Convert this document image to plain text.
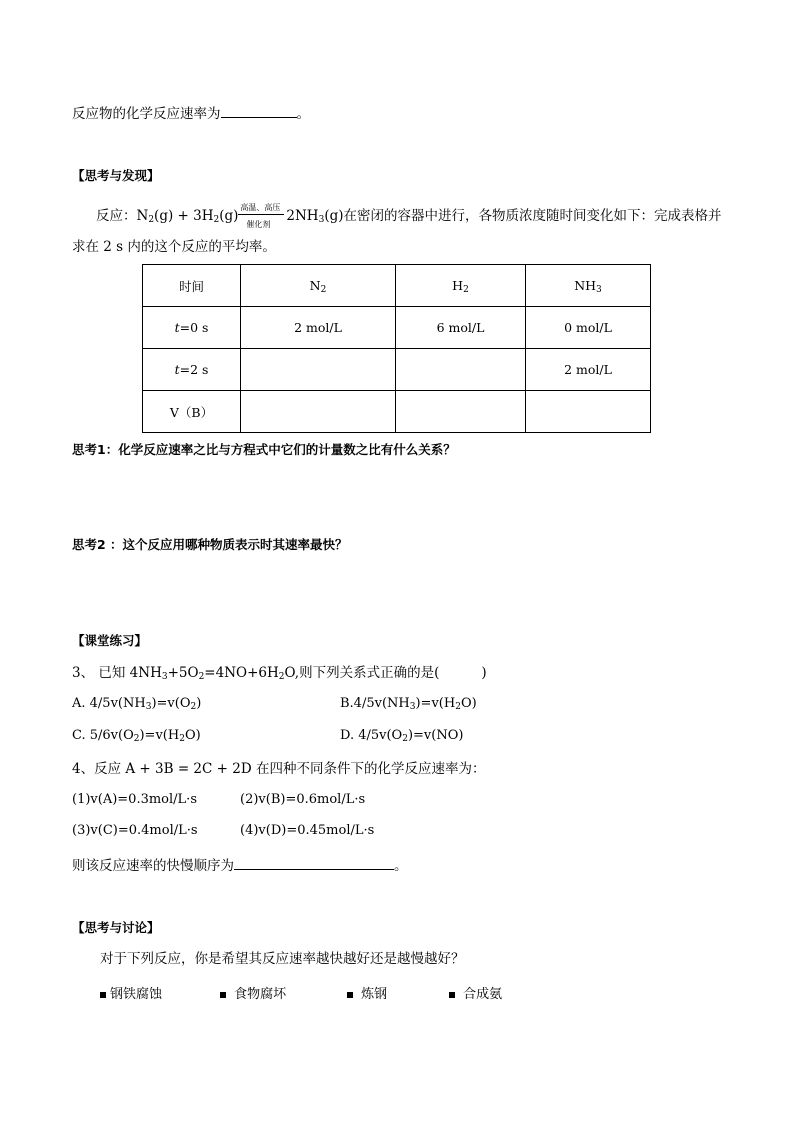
反应物的化学反应速率为	。
【思考与发现】
反应：$N_2(g) + 3H_2(g)$
高温、高压
催化剂 $2NH_3(g)$在密闭的容器中进行，各物质浓度随时间变化如下：完成表格并
求在 2 s 内的这个反应的平均率。
时间	$N_2$	$H_2$	$NH_3$
t=0 s	2 mol/L	6 mol/L	0 mol/L
t=2 s			2 mol/L
V（B）			
思考1：化学反应速率之比与方程式中它们的计量数之比有什么关系？
思考2 ：这个反应用哪种物质表示时其速率最快？
【课堂练习】
3、 已知 $4NH_3+5O_2=4NO+6H_2O$,则下列关系式正确的是(	)
A. $4/5v(NH_3)=v(O_2)$	$B.4/5v(NH_3)=v(H_2O)$
C. $5/6v(O_2)=v(H_2O)$	D. $4/5v(O_2)=v(NO)$
4、反应 A + 3B = 2C + 2D 在四种不同条件下的化学反应速率为：
(1)v(A)=0.3mol/L·s	(2)v(B)=0.6mol/L·s
(3)v(C)=0.4mol/L·s	(4)v(D)=0.45mol/L·s
则该反应速率的快慢顺序为	。
【思考与讨论】
对于下列反应，你是希望其反应速率越快越好还是越慢越好？
钢铁腐蚀	食物腐坏	炼钢	合成氨
